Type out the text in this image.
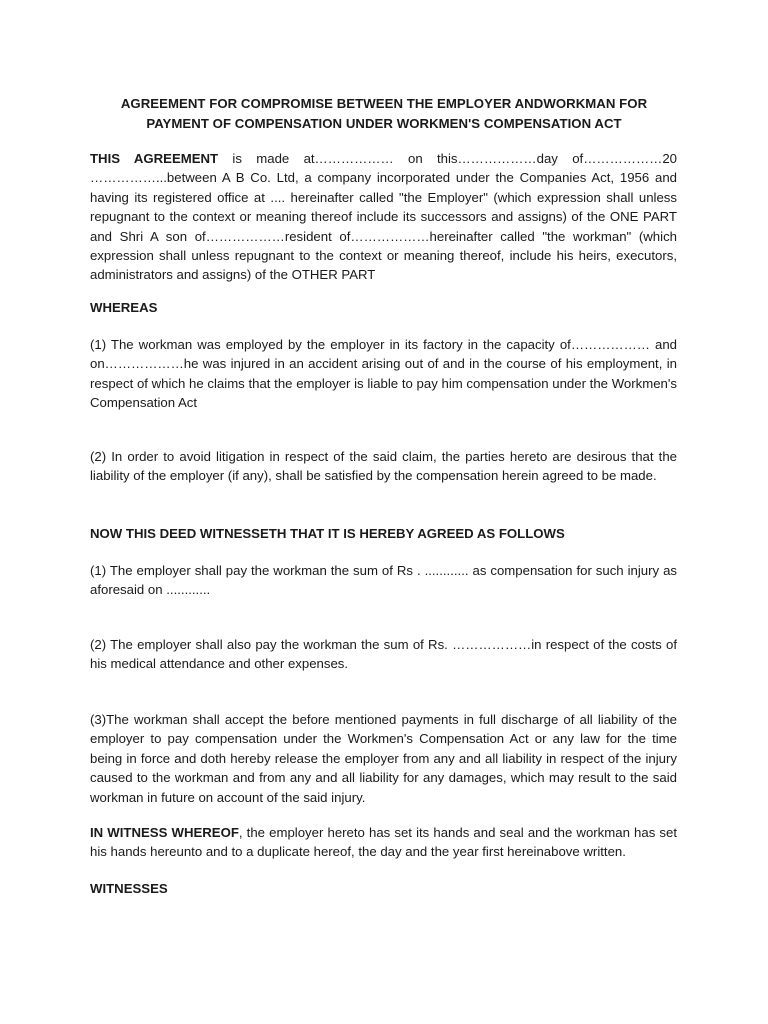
AGREEMENT FOR COMPROMISE BETWEEN THE EMPLOYER ANDWORKMAN FOR
PAYMENT OF COMPENSATION UNDER WORKMEN'S COMPENSATION ACT

THIS AGREEMENT is made at……………… on this………………day of………………20 ……………...between A B Co. Ltd, a company incorporated under the Companies Act, 1956 and having its registered office at .... hereinafter called "the Employer" (which expression shall unless repugnant to the context or meaning thereof include its successors and assigns) of the ONE PART and Shri A son of………………resident of………………hereinafter called "the workman" (which expression shall unless repugnant to the context or meaning thereof, include his heirs, executors, administrators and assigns) of the OTHER PART

WHEREAS

(1) The workman was employed by the employer in its factory in the capacity of……………… and on………………he was injured in an accident arising out of and in the course of his employment, in respect of which he claims that the employer is liable to pay him compensation under the Workmen's Compensation Act

(2) In order to avoid litigation in respect of the said claim, the parties hereto are desirous that the liability of the employer (if any), shall be satisfied by the compensation herein agreed to be made.

NOW THIS DEED WITNESSETH THAT IT IS HEREBY AGREED AS FOLLOWS

(1) The employer shall pay the workman the sum of Rs . ............ as compensation for such injury as aforesaid on ............

(2) The employer shall also pay the workman the sum of Rs. ………………in respect of the costs of his medical attendance and other expenses.

(3)The workman shall accept the before mentioned payments in full discharge of all liability of the employer to pay compensation under the Workmen's Compensation Act or any law for the time being in force and doth hereby release the employer from any and all liability in respect of the injury caused to the workman and from any and all liability for any damages, which may result to the said workman in future on account of the said injury.

IN WITNESS WHEREOF, the employer hereto has set its hands and seal and the workman has set his hands hereunto and to a duplicate hereof, the day and the year first hereinabove written.

WITNESSES
